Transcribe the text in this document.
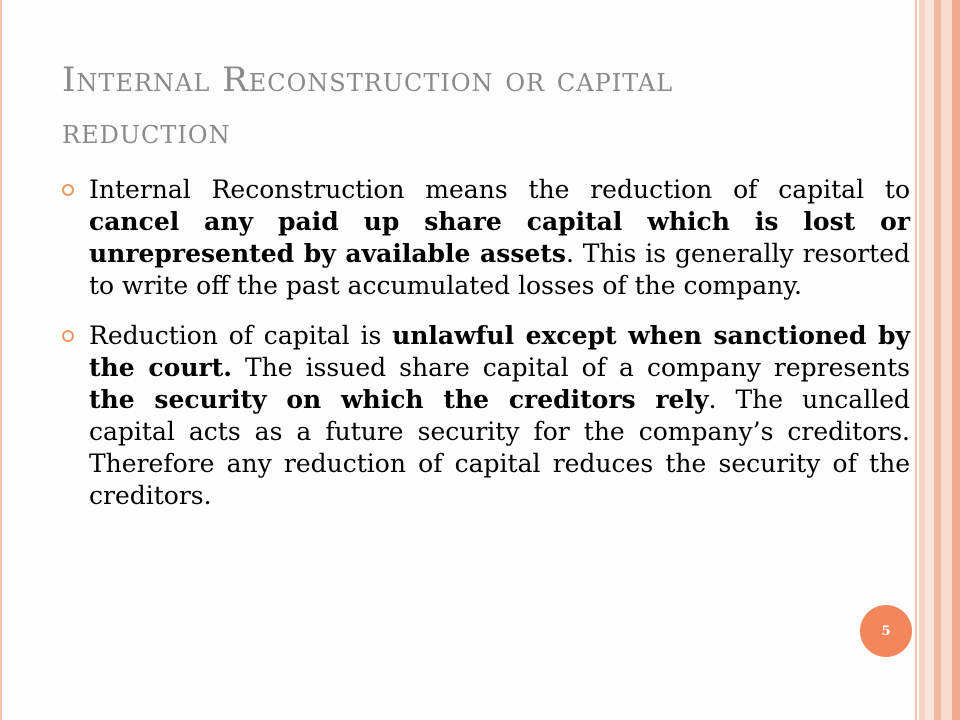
Internal Reconstruction or capital
reduction
Internal Reconstruction means the reduction of capital to cancel any paid up share capital which is lost or unrepresented by available assets. This is generally resorted to write off the past accumulated losses of the company.
Reduction of capital is unlawful except when sanctioned by the court. The issued share capital of a company represents the security on which the creditors rely. The uncalled capital acts as a future security for the company’s creditors. Therefore any reduction of capital reduces the security of the creditors.
5
